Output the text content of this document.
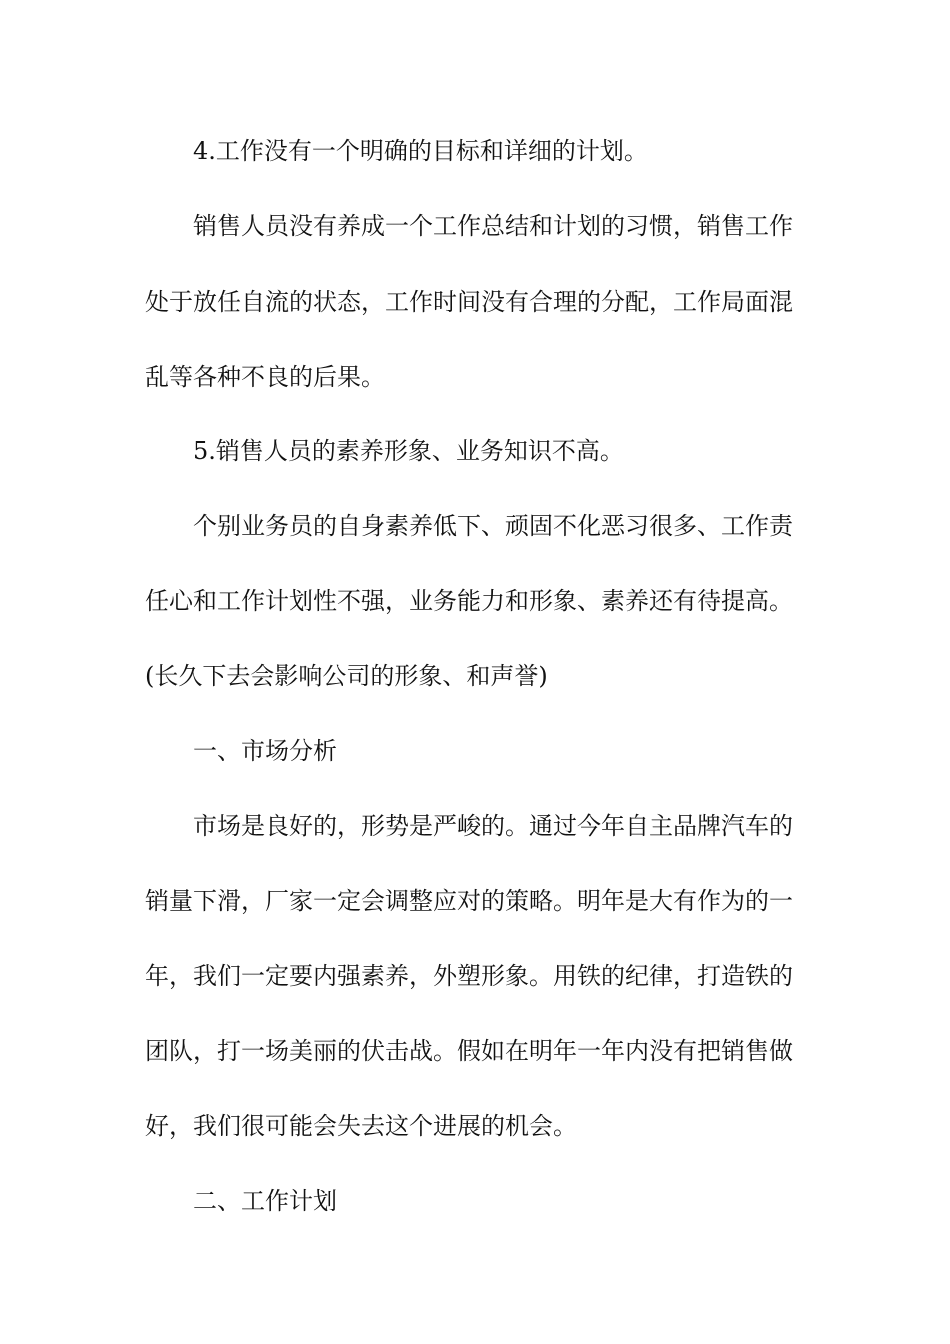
4.工作没有一个明确的目标和详细的计划。
销售人员没有养成一个工作总结和计划的习惯，销售工作
处于放任自流的状态，工作时间没有合理的分配，工作局面混
乱等各种不良的后果。
5.销售人员的素养形象、业务知识不高。
个别业务员的自身素养低下、顽固不化恶习很多、工作责
任心和工作计划性不强，业务能力和形象、素养还有待提高。
(长久下去会影响公司的形象、和声誉)
一、市场分析
市场是良好的，形势是严峻的。通过今年自主品牌汽车的
销量下滑，厂家一定会调整应对的策略。明年是大有作为的一
年，我们一定要内强素养，外塑形象。用铁的纪律，打造铁的
团队，打一场美丽的伏击战。假如在明年一年内没有把销售做
好，我们很可能会失去这个进展的机会。
二、工作计划
